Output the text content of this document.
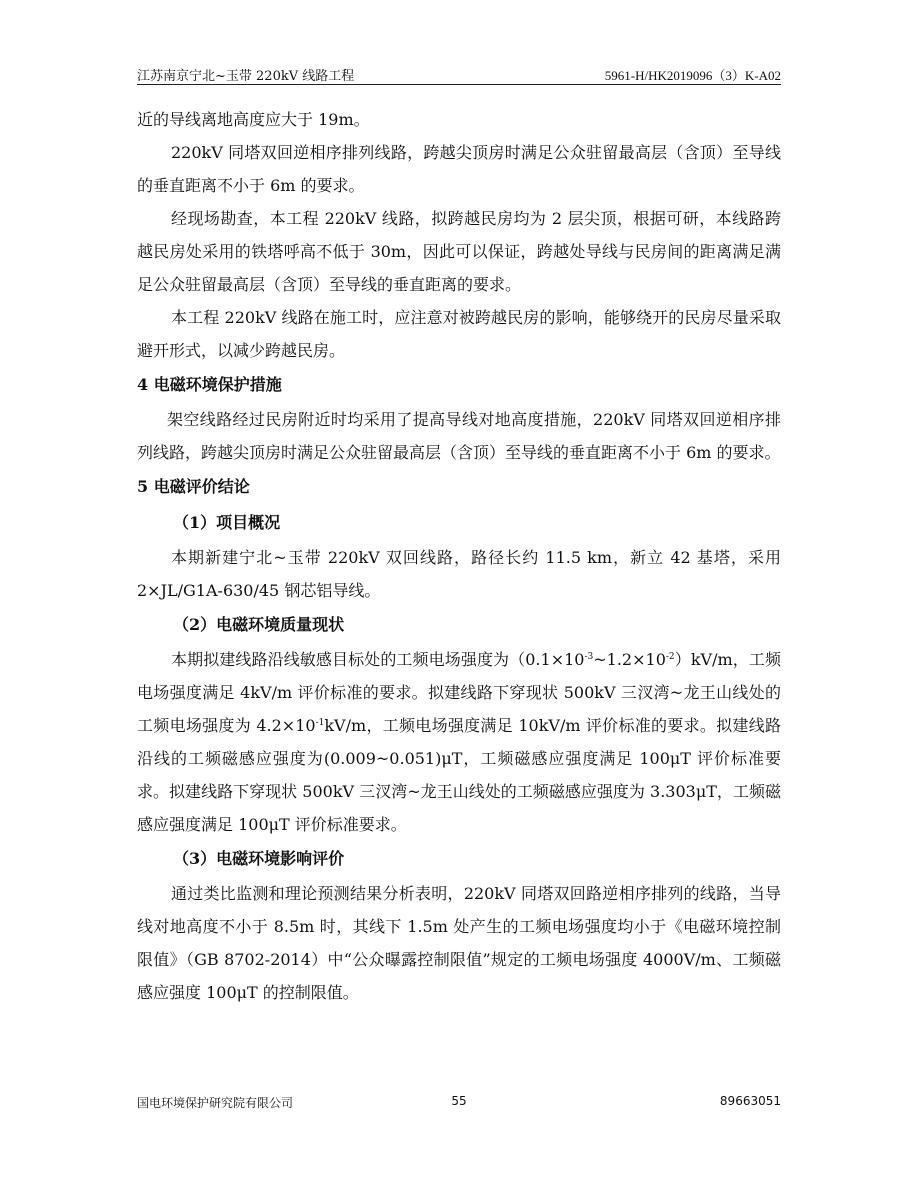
江苏南京宁北~玉带 220kV 线路工程	5961-H/HK2019096（3）K-A02

近的导线离地高度应大于 19m。

220kV 同塔双回逆相序排列线路，跨越尖顶房时满足公众驻留最高层（含顶）至导线的垂直距离不小于 6m 的要求。

经现场勘查，本工程 220kV 线路，拟跨越民房均为 2 层尖顶，根据可研，本线路跨越民房处采用的铁塔呼高不低于 30m，因此可以保证，跨越处导线与民房间的距离满足满足公众驻留最高层（含顶）至导线的垂直距离的要求。

本工程 220kV 线路在施工时，应注意对被跨越民房的影响，能够绕开的民房尽量采取避开形式，以减少跨越民房。

4 电磁环境保护措施

架空线路经过民房附近时均采用了提高导线对地高度措施，220kV 同塔双回逆相序排列线路，跨越尖顶房时满足公众驻留最高层（含顶）至导线的垂直距离不小于 6m 的要求。

5 电磁评价结论

（1）项目概况

本期新建宁北~玉带 220kV 双回线路，路径长约 11.5 km，新立 42 基塔，采用 2×JL/G1A-630/45 钢芯铝导线。

（2）电磁环境质量现状

本期拟建线路沿线敏感目标处的工频电场强度为$(0.1\times 10^{-3}\sim 1.2\times 10^{-2})kV/m$，工频电场强度满足 4kV/m 评价标准的要求。拟建线路下穿现状 500kV 三汊湾~龙王山线处的工频电场强度为 $4.2\times 10^{-1}kV/m$，工频电场强度满足 10kV/m 评价标准的要求。拟建线路沿线的工频磁感应强度为(0.009~0.051)μT，工频磁感应强度满足 100μT 评价标准要求。拟建线路下穿现状 500kV 三汊湾~龙王山线处的工频磁感应强度为 3.303μT，工频磁感应强度满足 100μT 评价标准要求。

（3）电磁环境影响评价

通过类比监测和理论预测结果分析表明，220kV 同塔双回路逆相序排列的线路，当导线对地高度不小于 8.5m 时，其线下 1.5m 处产生的工频电场强度均小于《电磁环境控制限值》（GB 8702-2014）中“公众曝露控制限值”规定的工频电场强度 4000V/m、工频磁感应强度 100μT 的控制限值。

国电环境保护研究院有限公司	55	89663051
